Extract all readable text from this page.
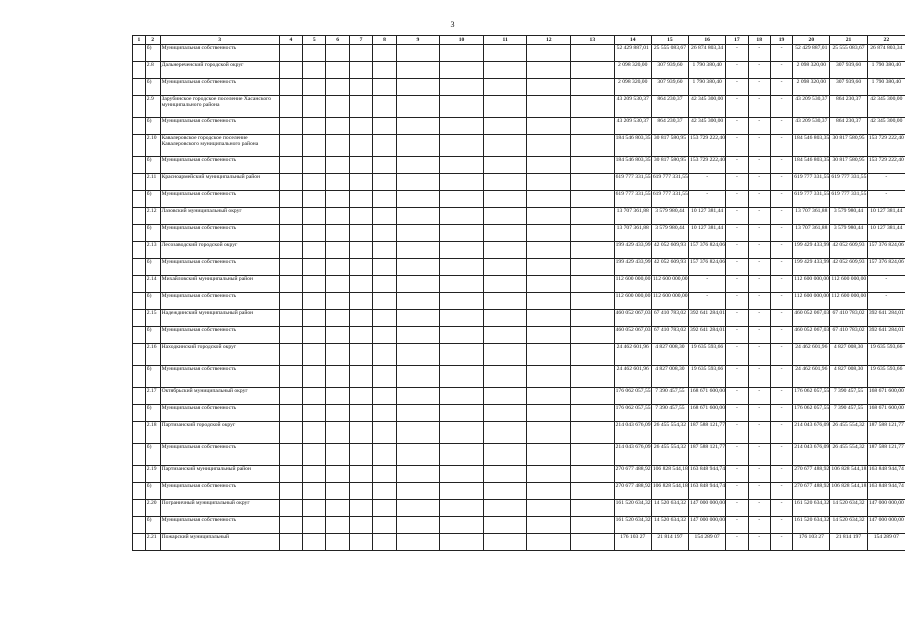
3
1	2	3	4	5	6	7	8	9	10	11	12	13	14	15	16	17	18	19	20	21	22
	б)	Муниципальная собственность											52 429 887,01	25 555 083,67	26 874 803,34	-	-	-	52 429 887,01	25 555 083,67	26 874 803,34
	2.8	Дальнереченский городской округ											2 098 320,00	307 939,60	1 790 380,40	-	-	-	2 098 320,00	307 939,60	1 790 380,40
	б)	Муниципальная собственность											2 098 320,00	307 939,60	1 790 380,40	-	-	-	2 098 320,00	307 939,60	1 790 380,40
	2.9	Зарубинское городское поселение Хасанского муниципального района											43 209 530,37	864 230,37	42 345 300,00	-	-	-	43 209 530,37	864 230,37	42 345 300,00
	б)	Муниципальная собственность											43 209 530,37	864 230,37	42 345 300,00	-	-	-	43 209 530,37	864 230,37	42 345 300,00
	2.10	Кавалеровское городское поселение Кавалеровского муниципального района											184 546 803,35	30 817 580,95	153 729 222,40	-	-	-	184 546 803,35	30 817 580,95	153 729 222,40
	б)	Муниципальная собственность											184 546 803,35	30 817 580,95	153 729 222,40	-	-	-	184 546 803,35	30 817 580,95	153 729 222,40
	2.11	Красноармейский муниципальный район											619 777 331,55	619 777 331,55	-	-	-	-	619 777 331,55	619 777 331,55	-
	б)	Муниципальная собственность											619 777 331,55	619 777 331,55	-	-	-	-	619 777 331,55	619 777 331,55	-
	2.12	Лазовский муниципальный округ											13 707 361,88	3 579 980,44	10 127 381,44	-	-	-	13 707 361,88	3 579 980,44	10 127 381,44
	б)	Муниципальная собственность											13 707 361,88	3 579 980,44	10 127 381,44	-	-	-	13 707 361,88	3 579 980,44	10 127 381,44
	2.13	Лесозаводский городской округ											199 429 433,99	42 052 609,93	157 376 824,06	-	-	-	199 429 433,99	42 052 609,93	157 376 824,06
	б)	Муниципальная собственность											199 429 433,99	42 052 609,93	157 376 824,06	-	-	-	199 429 433,99	42 052 609,93	157 376 824,06
	2.14	Михайловский муниципальный район											112 600 000,00	112 600 000,00	-	-	-	-	112 600 000,00	112 600 000,00	-
	б)	Муниципальная собственность											112 600 000,00	112 600 000,00	-	-	-	-	112 600 000,00	112 600 000,00	-
	2.15	Надеждинский муниципальный район											460 052 067,03	67 410 783,02	392 641 284,01	-	-	-	460 052 067,03	67 410 783,02	392 641 284,01
	б)	Муниципальная собственность											460 052 067,03	67 410 783,02	392 641 284,01	-	-	-	460 052 067,03	67 410 783,02	392 641 284,01
	2.16	Находкинский городской округ											24 462 601,96	4 827 008,30	19 635 593,66	-	-	-	24 462 601,96	4 827 008,30	19 635 593,66
	б)	Муниципальная собственность											24 462 601,96	4 827 008,30	19 635 593,66	-	-	-	24 462 601,96	4 827 008,30	19 635 593,66
	2.17	Октябрьский муниципальный округ											176 062 057,55	7 390 457,55	168 671 600,00	-	-	-	176 062 057,55	7 390 457,55	168 671 600,00
	б)	Муниципальная собственность											176 062 057,55	7 390 457,55	168 671 600,00	-	-	-	176 062 057,55	7 390 457,55	168 671 600,00
	2.18	Партизанский городской округ											214 043 676,09	26 455 554,32	187 588 121,77	-	-	-	214 043 676,09	26 455 554,32	187 588 121,77
	б)	Муниципальная собственность											214 043 676,09	26 455 554,32	187 588 121,77	-	-	-	214 043 676,09	26 455 554,32	187 588 121,77
	2.19	Партизанский муниципальный район											270 677 488,92	106 828 544,18	163 848 944,74	-	-	-	270 677 488,92	106 828 544,18	163 848 944,74
	б)	Муниципальная собственность											270 677 488,92	106 828 544,18	163 848 944,74	-	-	-	270 677 488,92	106 828 544,18	163 848 944,74
	2.20	Пограничный муниципальный округ											161 520 634,32	14 520 634,32	147 000 000,00	-	-	-	161 520 634,32	14 520 634,32	147 000 000,00
	б)	Муниципальная собственность											161 520 634,32	14 520 634,32	147 000 000,00	-	-	-	161 520 634,32	14 520 634,32	147 000 000,00
	2.21	Пожарский муниципальный											176 103 27	21 814 197	154 289 07	-	-	-	176 103 27	21 814 197	154 289 07
